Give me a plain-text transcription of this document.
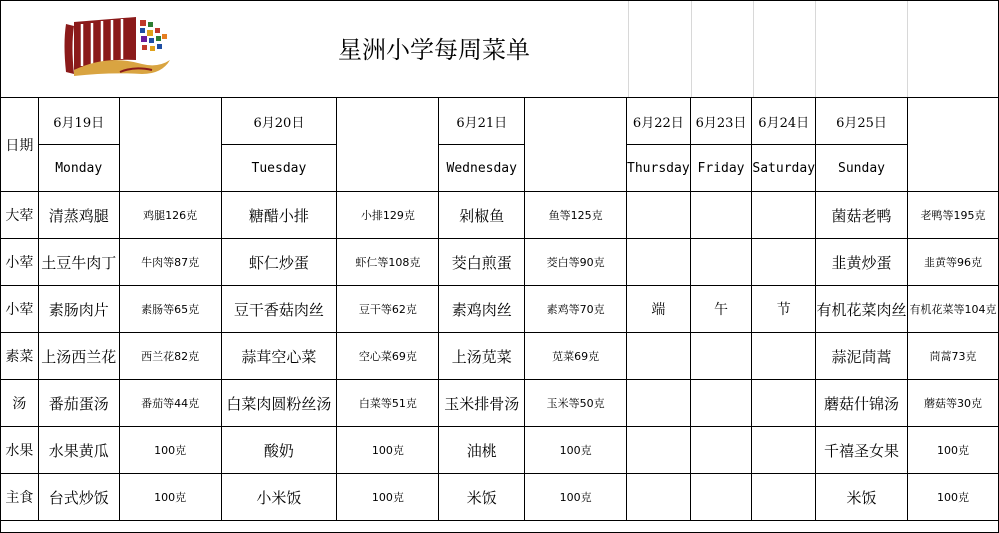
星洲小学每周菜单
日期	6月19日		6月20日		6月21日		6月22日	6月23日	6月24日	6月25日	
	Monday		Tuesday		Wednesday		Thursday	Friday	Saturday	Sunday	
大荤	清蒸鸡腿	鸡腿126克	糖醋小排	小排129克	剁椒鱼	鱼等125克				菌菇老鸭	老鸭等195克
小荤	土豆牛肉丁	牛肉等87克	虾仁炒蛋	虾仁等108克	茭白煎蛋	茭白等90克				韭黄炒蛋	韭黄等96克
小荤	素肠肉片	素肠等65克	豆干香菇肉丝	豆干等62克	素鸡肉丝	素鸡等70克	端	午	节	有机花菜肉丝	有机花菜等104克
素菜	上汤西兰花	西兰花82克	蒜茸空心菜	空心菜69克	上汤苋菜	苋菜69克				蒜泥茼蒿	茼蒿73克
汤	番茄蛋汤	番茄等44克	白菜肉圆粉丝汤	白菜等51克	玉米排骨汤	玉米等50克				蘑菇什锦汤	蘑菇等30克
水果	水果黄瓜	100克	酸奶	100克	油桃	100克				千禧圣女果	100克
主食	台式炒饭	100克	小米饭	100克	米饭	100克				米饭	100克
